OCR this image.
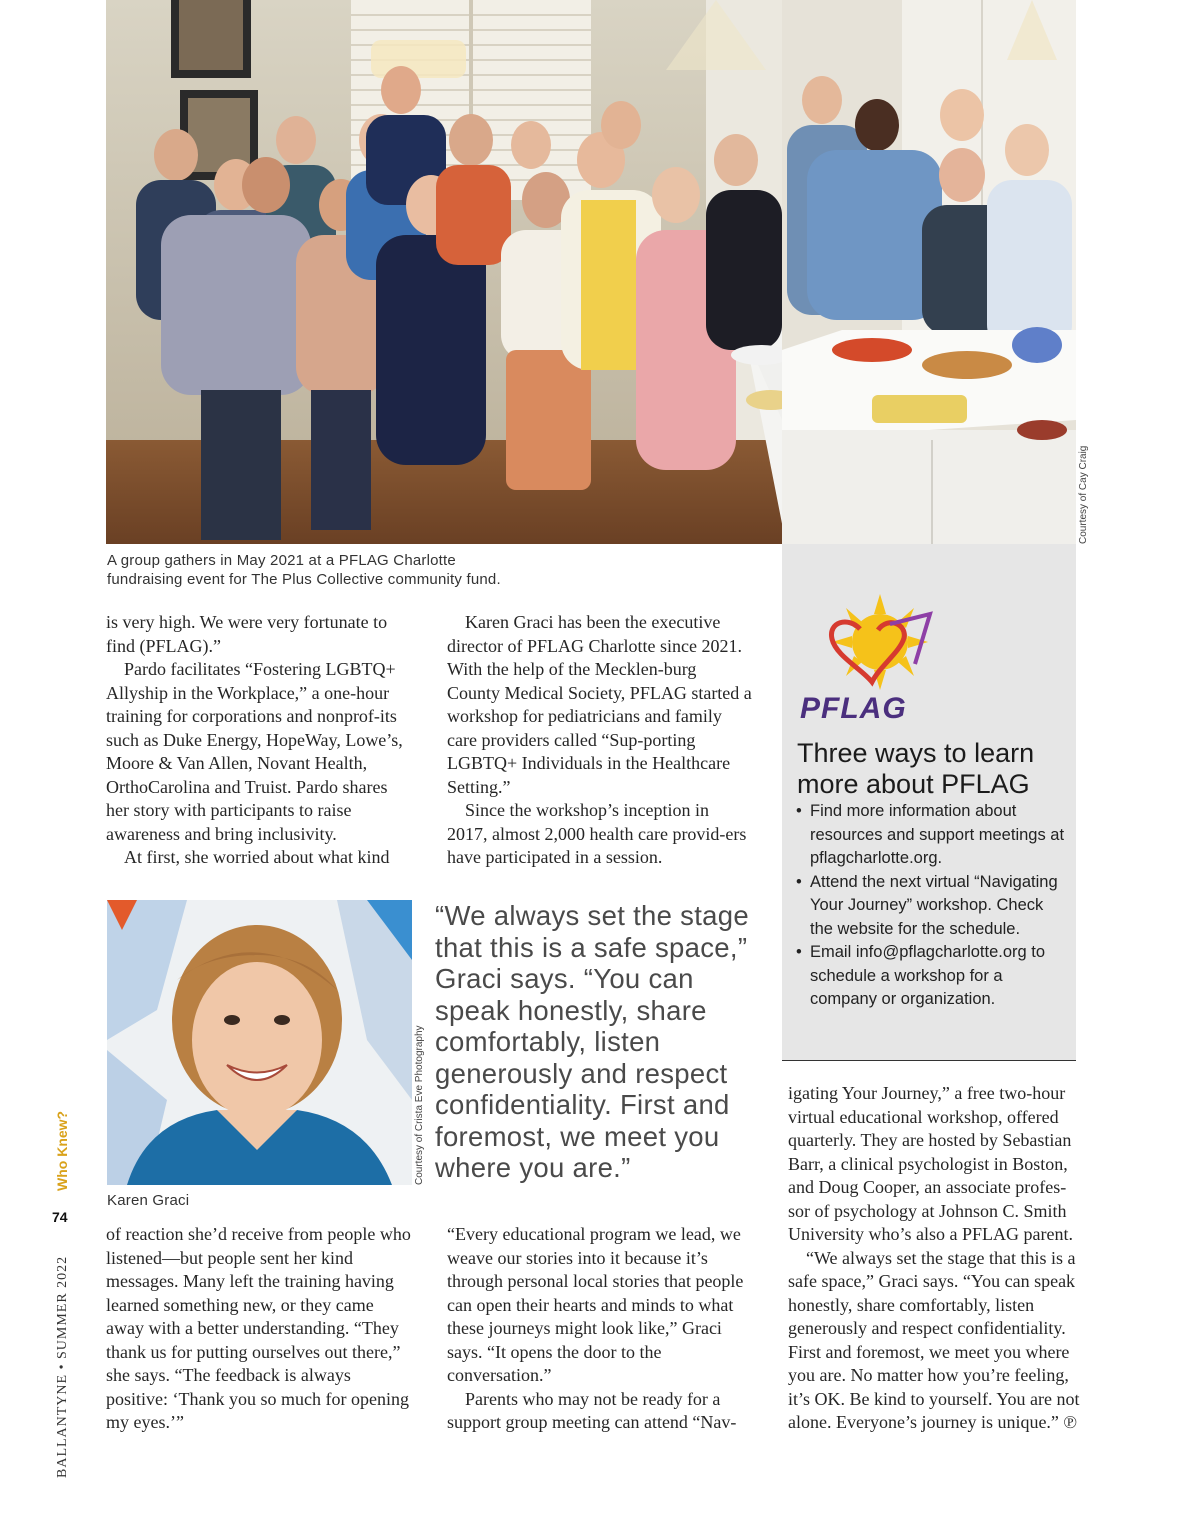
Courtesy of Cay Craig
A group gathers in May 2021 at a PFLAG Charlotte
fundraising event for The Plus Collective community fund.

is very high. We were very fortunate to find (PFLAG).”

Pardo facilitates “Fostering LGBTQ+ Allyship in the Workplace,” a one-hour training for corporations and nonprof-its such as Duke Energy, HopeWay, Lowe’s, Moore & Van Allen, Novant Health, OrthoCarolina and Truist. Pardo shares her story with participants to raise awareness and bring inclusivity.

At first, she worried about what kind

Karen Graci has been the executive director of PFLAG Charlotte since 2021. With the help of the Mecklen-burg County Medical Society, PFLAG started a workshop for pediatricians and family care providers called “Sup-porting LGBTQ+ Individuals in the Healthcare Setting.”

Since the workshop’s inception in 2017, almost 2,000 health care provid-ers have participated in a session.

PFLAG
Three ways to learn
more about PFLAG
• Find more information about resources and support meetings at pflagcharlotte.org.
• Attend the next virtual “Navigating Your Journey” workshop. Check the website for the schedule.
• Email info@pflagcharlotte.org to schedule a workshop for a company or organization.
Courtesy of Crista Eve Photography
Karen Graci
“We always set the stage that this is a safe space,” Graci says. “You can speak honestly, share comfortably, listen generously and respect confidentiality. First and foremost, we meet you where you are.”

of reaction she’d receive from people who listened—but people sent her kind messages. Many left the training having learned something new, or they came away with a better understanding. “They thank us for putting ourselves out there,” she says. “The feedback is always positive: ‘Thank you so much for opening my eyes.’”

“Every educational program we lead, we weave our stories into it because it’s through personal local stories that people can open their hearts and minds to what these journeys might look like,” Graci says. “It opens the door to the conversation.”

Parents who may not be ready for a support group meeting can attend “Nav-

igating Your Journey,” a free two-hour virtual educational workshop, offered quarterly. They are hosted by Sebastian Barr, a clinical psychologist in Boston, and Doug Cooper, an associate profes-sor of psychology at Johnson C. Smith University who’s also a PFLAG parent.

“We always set the stage that this is a safe space,” Graci says. “You can speak honestly, share comfortably, listen generously and respect confidentiality. First and foremost, we meet you where you are. No matter how you’re feeling, it’s OK. Be kind to yourself. You are not alone. Everyone’s journey is unique.” ℗

Who Knew?
74
BALLANTYNE • SUMMER 2022
